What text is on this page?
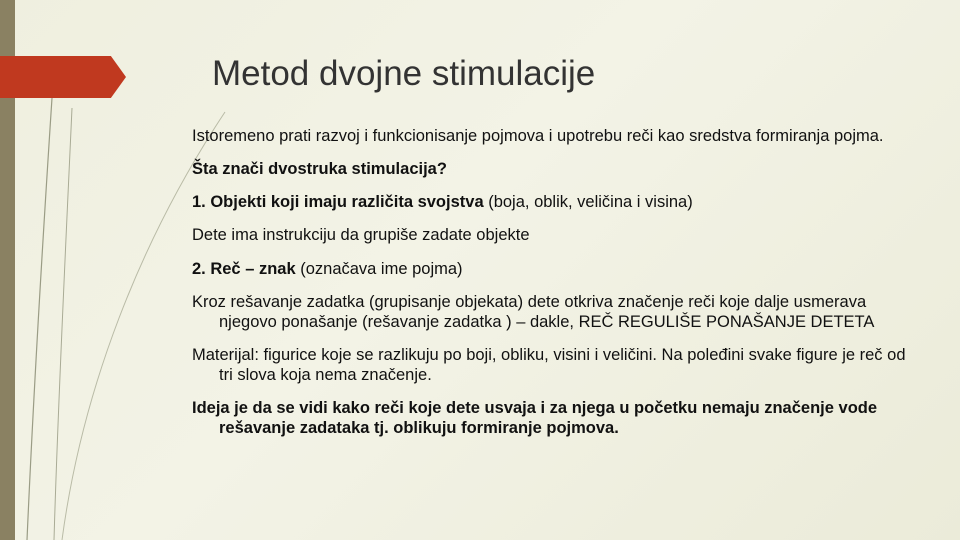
Metod dvojne stimulacije

Istoremeno prati razvoj i funkcionisanje pojmova i upotrebu reči kao sredstva formiranja pojma.

Šta znači dvostruka stimulacija?

1. Objekti koji imaju različita svojstva (boja, oblik, veličina i visina)

Dete ima instrukciju da grupiše zadate objekte

2. Reč – znak (označava ime pojma)

Kroz rešavanje zadatka (grupisanje objekata) dete otkriva značenje reči koje dalje usmerava njegovo ponašanje (rešavanje zadatka ) – dakle, REČ REGULIŠE PONAŠANJE DETETA

Materijal: figurice koje se razlikuju po boji, obliku, visini i veličini. Na poleđini svake figure je reč od tri slova koja nema značenje.

Ideja je da se vidi kako reči koje dete usvaja i za njega u početku nemaju značenje vode rešavanje zadataka tj. oblikuju formiranje pojmova.
